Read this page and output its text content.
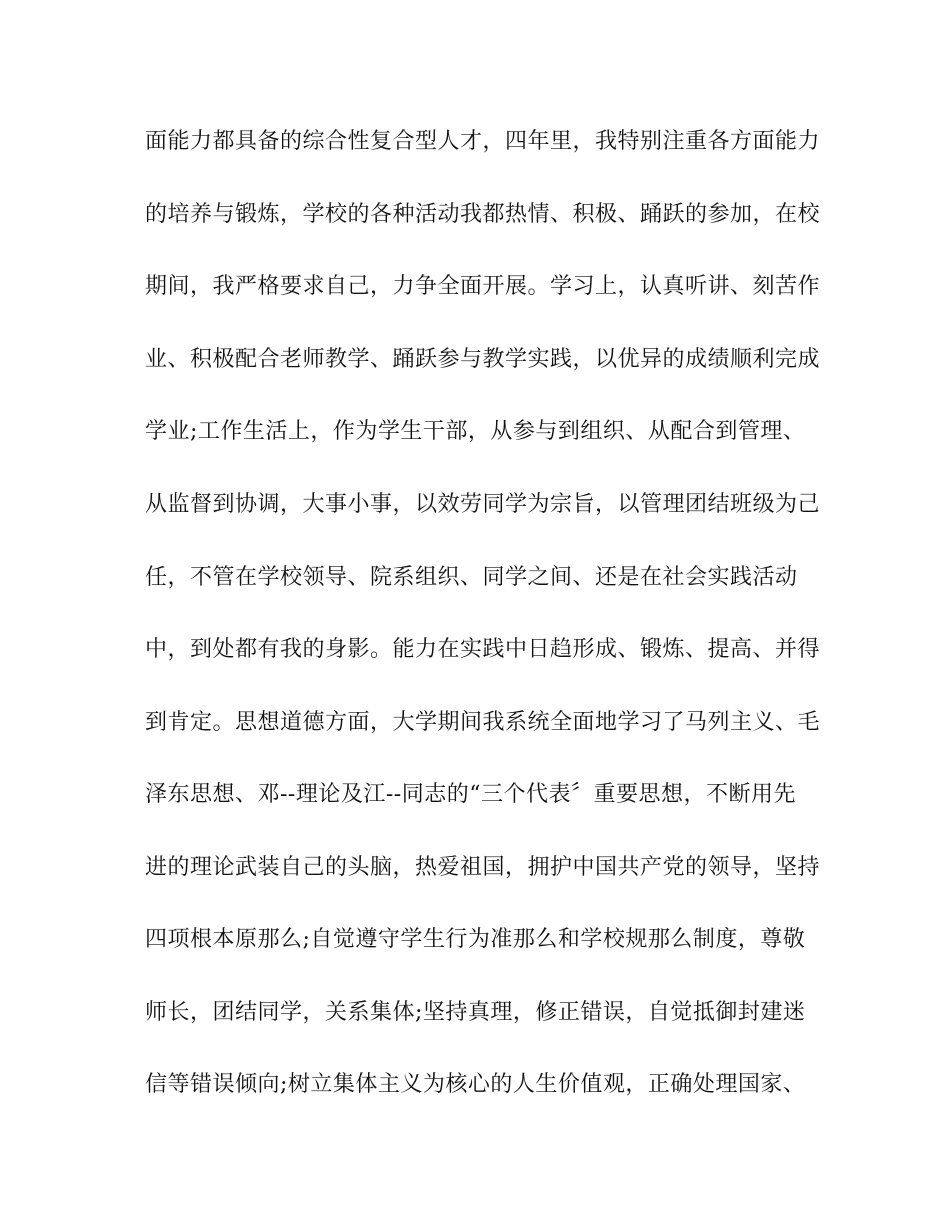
面能力都具备的综合性复合型人才，四年里，我特别注重各方面能力
的培养与锻炼，学校的各种活动我都热情、积极、踊跃的参加，在校
期间，我严格要求自己，力争全面开展。学习上，认真听讲、刻苦作
业、积极配合老师教学、踊跃参与教学实践，以优异的成绩顺利完成
学业;工作生活上，作为学生干部，从参与到组织、从配合到管理、
从监督到协调，大事小事，以效劳同学为宗旨，以管理团结班级为己
任，不管在学校领导、院系组织、同学之间、还是在社会实践活动
中，到处都有我的身影。能力在实践中日趋形成、锻炼、提高、并得
到肯定。思想道德方面，大学期间我系统全面地学习了马列主义、毛
泽东思想、邓--理论及江--同志的“三个代表〞重要思想，不断用先
进的理论武装自己的头脑，热爱祖国，拥护中国共产党的领导，坚持
四项根本原那么;自觉遵守学生行为准那么和学校规那么制度，尊敬
师长，团结同学，关系集体;坚持真理，修正错误，自觉抵御封建迷
信等错误倾向;树立集体主义为核心的人生价值观，正确处理国家、
